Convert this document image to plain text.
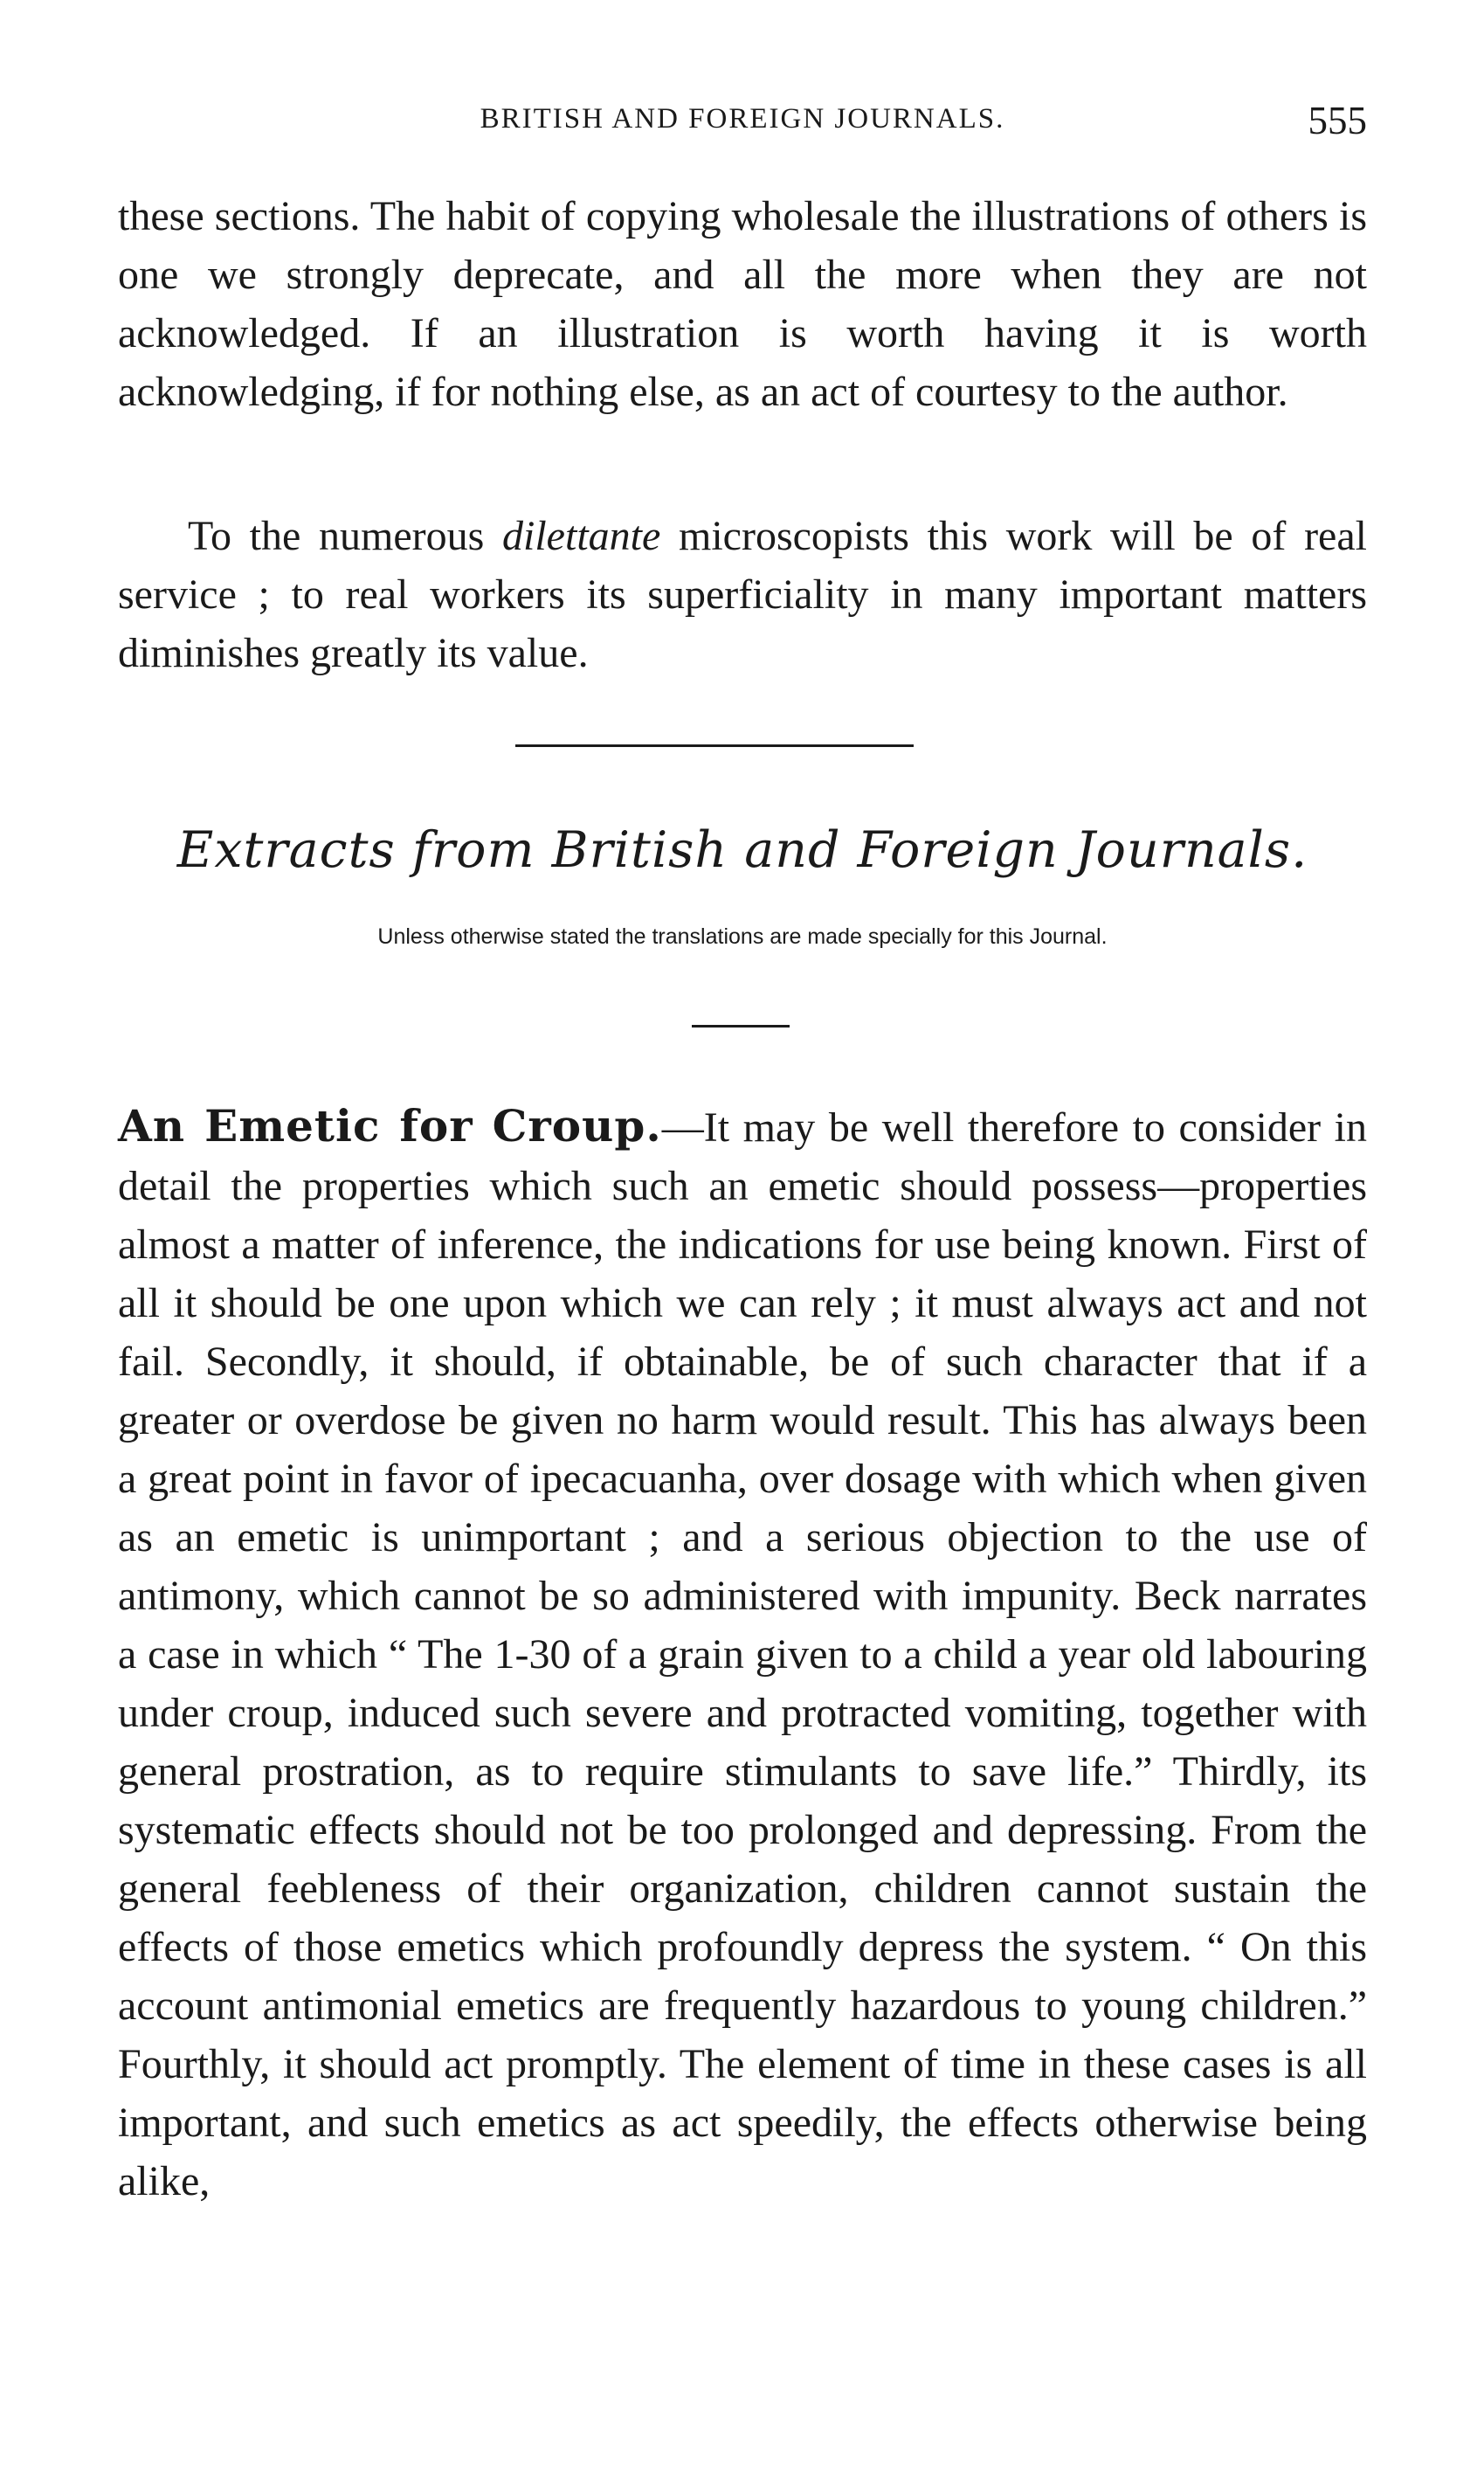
BRITISH AND FOREIGN JOURNALS.	555

these sections. The habit of copying wholesale the illustrations of others is one we strongly deprecate, and all the more when they are not acknowledged. If an illustration is worth having it is worth acknowledging, if for nothing else, as an act of courtesy to the author.

To the numerous dilettante microscopists this work will be of real service ; to real workers its superficiality in many important matters diminishes greatly its value.

Extracts from British and Foreign Journals.
Unless otherwise stated the translations are made specially for this Journal.

An Emetic for Croup.—It may be well therefore to consider in detail the properties which such an emetic should possess—properties almost a matter of inference, the indications for use being known. First of all it should be one upon which we can rely ; it must always act and not fail. Secondly, it should, if obtainable, be of such character that if a greater or overdose be given no harm would result. This has always been a great point in favor of ipecacuanha, over dosage with which when given as an emetic is unimportant ; and a serious objection to the use of antimony, which cannot be so administered with impunity. Beck narrates a case in which “ The 1-30 of a grain given to a child a year old labouring under croup, induced such severe and protracted vomiting, together with general prostration, as to require stimulants to save life.” Thirdly, its systematic effects should not be too prolonged and depressing. From the general feebleness of their organization, children cannot sustain the effects of those emetics which profoundly depress the system. “ On this account antimonial emetics are frequently hazardous to young children.” Fourthly, it should act promptly. The element of time in these cases is all important, and such emetics as act speedily, the effects otherwise being alike,
